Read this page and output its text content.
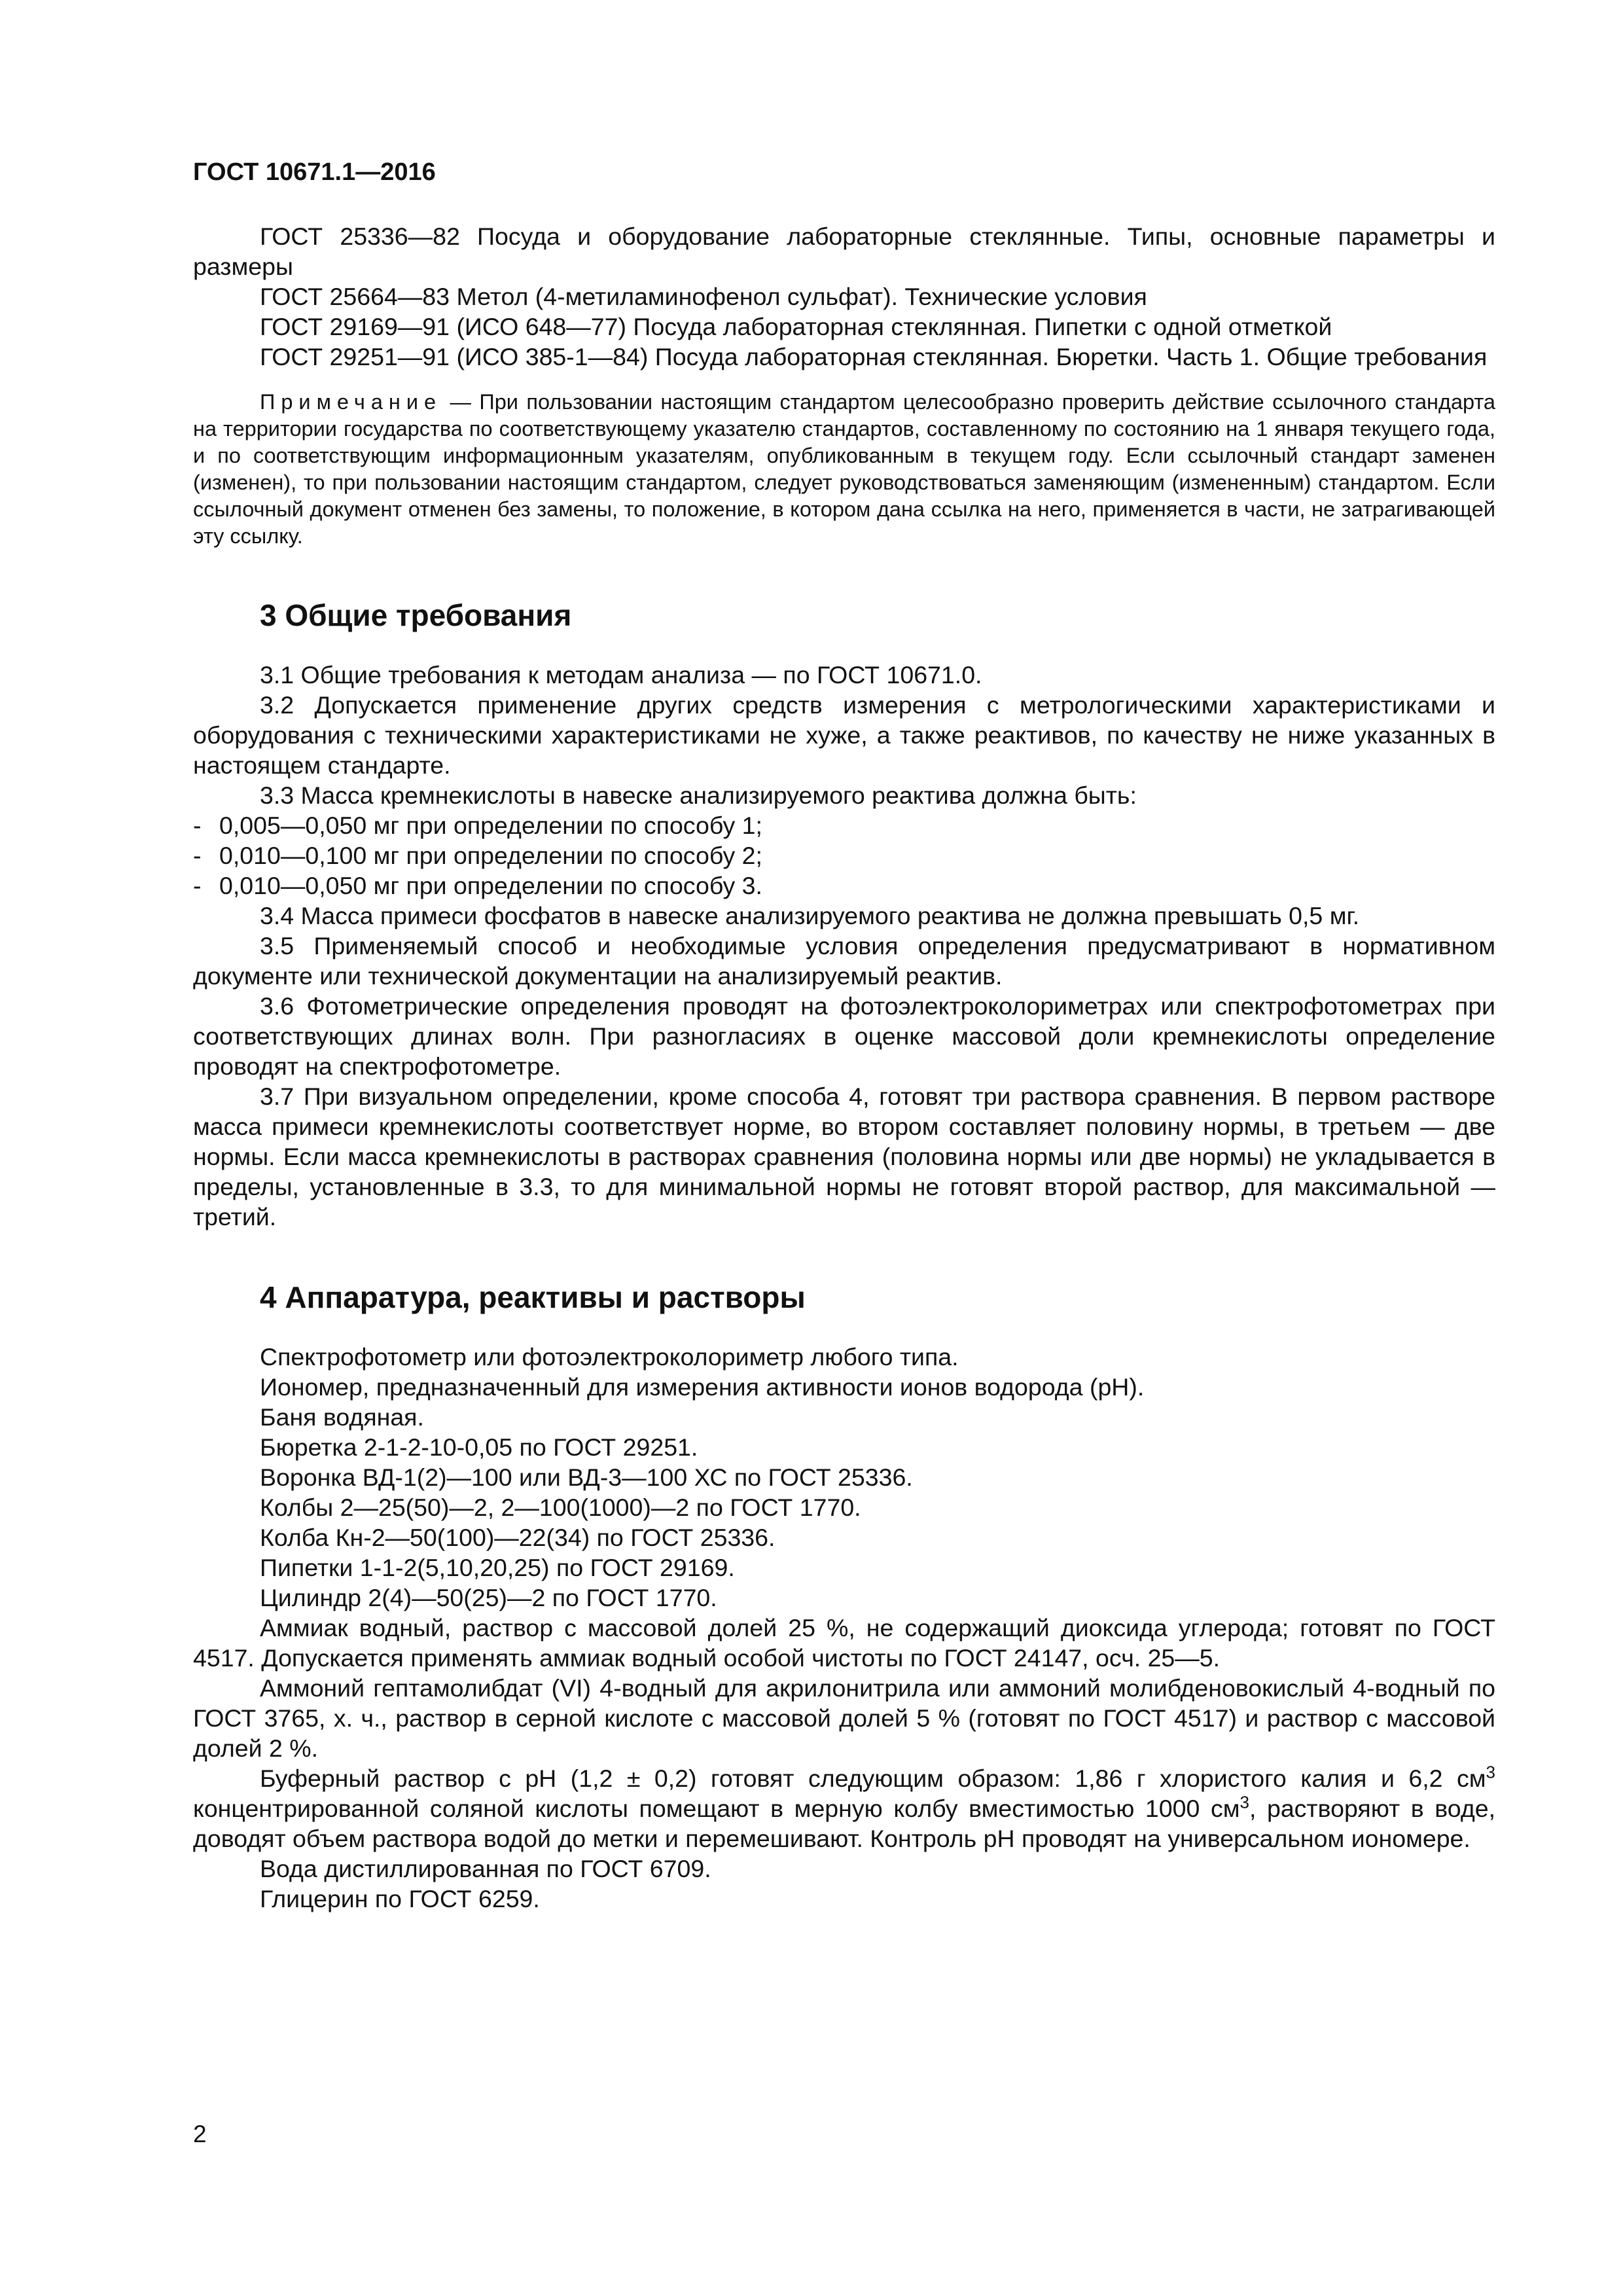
ГОСТ 10671.1—2016

ГОСТ 25336—82 Посуда и оборудование лабораторные стеклянные. Типы, основные параметры и размеры

ГОСТ 25664—83 Метол (4-метиламинофенол сульфат). Технические условия

ГОСТ 29169—91 (ИСО 648—77) Посуда лабораторная стеклянная. Пипетки с одной отметкой

ГОСТ 29251—91 (ИСО 385-1—84) Посуда лабораторная стеклянная. Бюретки. Часть 1. Общие требования

Примечание — При пользовании настоящим стандартом целесообразно проверить действие ссылочного стандарта на территории государства по соответствующему указателю стандартов, составленному по состоянию на 1 января текущего года, и по соответствующим информационным указателям, опубликованным в текущем году. Если ссылочный стандарт заменен (изменен), то при пользовании настоящим стандартом, следует руководствоваться заменяющим (измененным) стандартом. Если ссылочный документ отменен без замены, то положение, в котором дана ссылка на него, применяется в части, не затрагивающей эту ссылку.

3 Общие требования

3.1 Общие требования к методам анализа — по ГОСТ 10671.0.

3.2 Допускается применение других средств измерения с метрологическими характеристиками и оборудования с техническими характеристиками не хуже, а также реактивов, по качеству не ниже указанных в настоящем стандарте.

3.3 Масса кремнекислоты в навеске анализируемого реактива должна быть:

- 0,005—0,050 мг при определении по способу 1;

- 0,010—0,100 мг при определении по способу 2;

- 0,010—0,050 мг при определении по способу 3.

3.4 Масса примеси фосфатов в навеске анализируемого реактива не должна превышать 0,5 мг.

3.5 Применяемый способ и необходимые условия определения предусматривают в нормативном документе или технической документации на анализируемый реактив.

3.6 Фотометрические определения проводят на фотоэлектроколориметрах или спектрофотометрах при соответствующих длинах волн. При разногласиях в оценке массовой доли кремнекислоты определение проводят на спектрофотометре.

3.7 При визуальном определении, кроме способа 4, готовят три раствора сравнения. В первом растворе масса примеси кремнекислоты соответствует норме, во втором составляет половину нормы, в третьем — две нормы. Если масса кремнекислоты в растворах сравнения (половина нормы или две нормы) не укладывается в пределы, установленные в 3.3, то для минимальной нормы не готовят второй раствор, для максимальной — третий.

4 Аппаратура, реактивы и растворы

Спектрофотометр или фотоэлектроколориметр любого типа.

Иономер, предназначенный для измерения активности ионов водорода (pH).

Баня водяная.

Бюретка 2-1-2-10-0,05 по ГОСТ 29251.

Воронка ВД-1(2)—100 или ВД-3—100 ХС по ГОСТ 25336.

Колбы 2—25(50)—2, 2—100(1000)—2 по ГОСТ 1770.

Колба Кн-2—50(100)—22(34) по ГОСТ 25336.

Пипетки 1-1-2(5,10,20,25) по ГОСТ 29169.

Цилиндр 2(4)—50(25)—2 по ГОСТ 1770.

Аммиак водный, раствор с массовой долей 25 %, не содержащий диоксида углерода; готовят по ГОСТ 4517. Допускается применять аммиак водный особой чистоты по ГОСТ 24147, осч. 25—5.

Аммоний гептамолибдат (VI) 4-водный для акрилонитрила или аммоний молибденовокислый 4-водный по ГОСТ 3765, х. ч., раствор в серной кислоте с массовой долей 5 % (готовят по ГОСТ 4517) и раствор с массовой долей 2 %.

Буферный раствор с pH (1,2 ± 0,2) готовят следующим образом: 1,86 г хлористого калия и 6,2 $см^3$ концентрированной соляной кислоты помещают в мерную колбу вместимостью 1000 $см^3$, растворяют в воде, доводят объем раствора водой до метки и перемешивают. Контроль pH проводят на универсальном иономере.

Вода дистиллированная по ГОСТ 6709.

Глицерин по ГОСТ 6259.

2
